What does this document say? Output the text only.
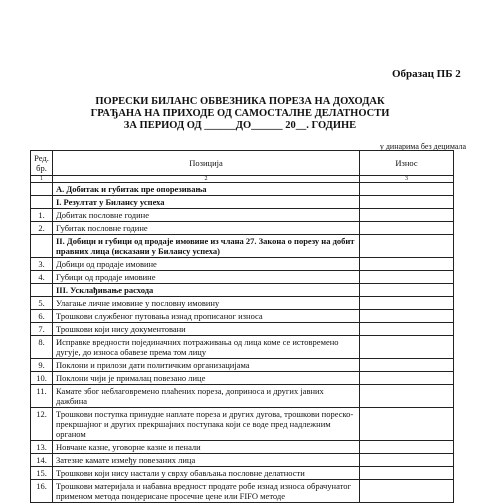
Образац ПБ 2
ПОРЕСКИ БИЛАНС ОБВЕЗНИКА ПОРЕЗА НА ДОХОДАК
ГРАЂАНА НА ПРИХОДЕ ОД САМОСТАЛНЕ ДЕЛАТНОСТИ
ЗА ПЕРИОД ОД ______ДО______ 20__. ГОДИНЕ
у динарима без децимала
Ред. бр.	Позиција	Износ
1	2	3
	А. Добитак и губитак пре опорезивања	
	I. Резултат у Билансу успеха	
1.	Добитак пословне године	
2.	Губитак пословне године	
	II. Добици и губици од продаје имовине из члана 27. Закона о порезу на добит правних лица (исказани у Билансу успеха)	
3.	Добици од продаје имовине	
4.	Губици од продаје имовине	
	III. Усклађивање расхода	
5.	Улагање личне имовине у пословну имовину	
6.	Трошкови службеног путовања изнад прописаног износа	
7.	Трошкови који нису документовани	
8.	Исправке вредности појединачних потраживања од лица коме се истовремено дугује, до износа обавезе према том лицу	
9.	Поклони и прилози дати политичким организацијама	
10.	Поклони чији је прималац повезано лице	
11.	Камате због неблаговремено плаћених пореза, доприноса и других јавних дажбина	
12.	Трошкови поступка принудне наплате пореза и других дугова, трошкови пореско-прекршајног и других прекршајних поступака који се воде пред надлежним органом	
13.	Новчане казне, уговорне казне и пенали	
14.	Затезне камате између повезаних лица	
15.	Трошкови који нису настали у сврху обављања пословне делатности	
16.	Трошкови материјала и набавна вредност продате робе изнад износа обрачунатог применом метода пондерисане просечне цене или FIFO методе	
